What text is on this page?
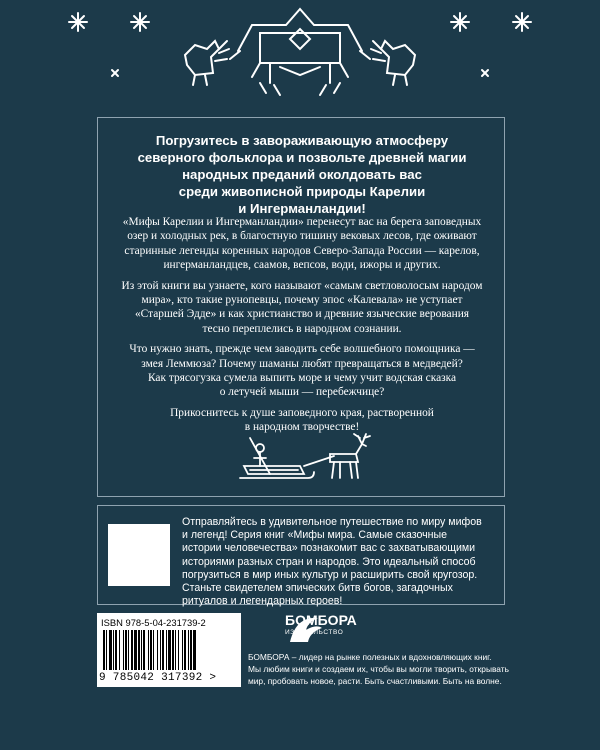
Погрузитесь в завораживающую атмосферу
северного фольклора и позвольте древней магии
народных преданий околдовать вас
среди живописной природы Карелии
и Ингерманландии!

«Мифы Карелии и Ингерманландии» перенесут вас на берега заповедных
озер и холодных рек, в благостную тишину вековых лесов, где оживают
старинные легенды коренных народов Северо-Запада России — карелов,
ингерманландцев, саамов, вепсов, води, ижоры и других.

Из этой книги вы узнаете, кого называют «самым светловолосым народом
мира», кто такие рунопевцы, почему эпос «Калевала» не уступает
«Старшей Эдде» и как христианство и древние языческие верования
тесно переплелись в народном сознании.

Что нужно знать, прежде чем заводить себе волшебного помощника —
змея Леммюза? Почему шаманы любят превращаться в медведей?
Как трясогузка сумела выпить море и чему учит водская сказка
о летучей мыши — перебежчице?

Прикоснитесь к душе заповедного края, растворенной
в народном творчестве!

Отправляйтесь в удивительное путешествие по миру мифов
и легенд! Серия книг «Мифы мира. Самые сказочные
истории человечества» познакомит вас с захватывающими
историями разных стран и народов. Это идеальный способ
погрузиться в мир иных культур и расширить свой кругозор.
Станьте свидетелем эпических битв богов, загадочных
ритуалов и легендарных героев!
ISBN 978-5-04-231739-2
9 785042 317392 >
БОМБОРА
ИЗДАТЕЛЬСТВО
БОМБОРА – лидер на рынке полезных и вдохновляющих книг.
Мы любим книги и создаем их, чтобы вы могли творить, открывать
мир, пробовать новое, расти. Быть счастливыми. Быть на волне.
